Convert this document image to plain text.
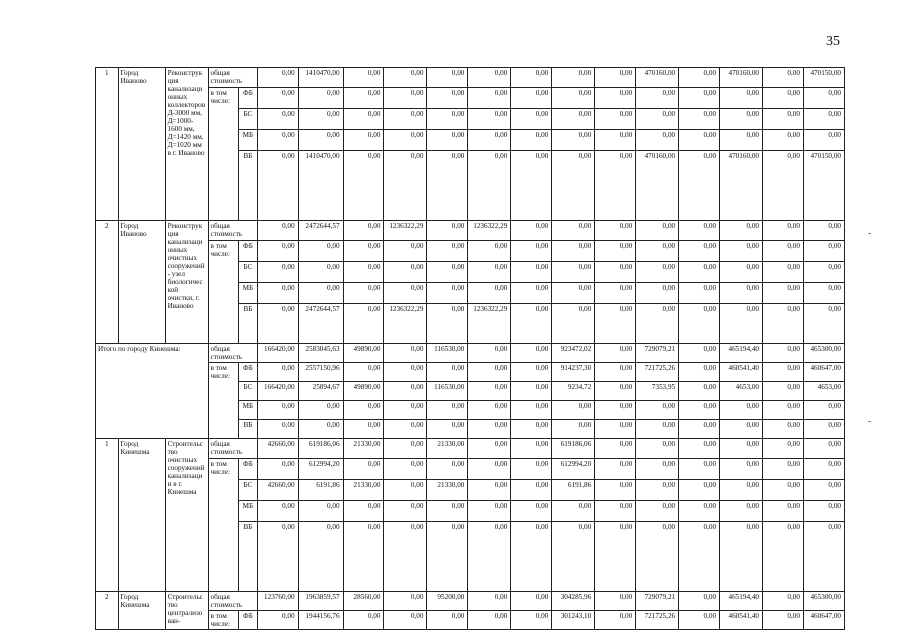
35
1	Город Иваново	Реконструкция канализационных коллекторов Д-3000 мм, Д=1000-1600 мм, Д=1420 мм, Д=1020 мм в г. Иваново	общая стоимость		0,00	1410470,00	0,00	0,00	0,00	0,00	0,00	0,00	0,00	470160,00	0,00	470160,00	0,00	470150,00
			в том числе:	ФБ	0,00	0,00	0,00	0,00	0,00	0,00	0,00	0,00	0,00	0,00	0,00	0,00	0,00	0,00
				БС	0,00	0,00	0,00	0,00	0,00	0,00	0,00	0,00	0,00	0,00	0,00	0,00	0,00	0,00
				МБ	0,00	0,00	0,00	0,00	0,00	0,00	0,00	0,00	0,00	0,00	0,00	0,00	0,00	0,00
				ВБ	0,00	1410470,00	0,00	0,00	0,00	0,00	0,00	0,00	0,00	470160,00	0,00	470160,00	0,00	470150,00
2	Город Иваново	Реконструкция канализационных очистных сооружений - узел биологической очистки, г. Иваново	общая стоимость		0,00	2472644,57	0,00	1236322,29	0,00	1236322,29	0,00	0,00	0,00	0,00	0,00	0,00	0,00	0,00
			в том числе:	ФБ	0,00	0,00	0,00	0,00	0,00	0,00	0,00	0,00	0,00	0,00	0,00	0,00	0,00	0,00
				БС	0,00	0,00	0,00	0,00	0,00	0,00	0,00	0,00	0,00	0,00	0,00	0,00	0,00	0,00
				МБ	0,00	0,00	0,00	0,00	0,00	0,00	0,00	0,00	0,00	0,00	0,00	0,00	0,00	0,00
				ВБ	0,00	2472644,57	0,00	1236322,29	0,00	1236322,29	0,00	0,00	0,00	0,00	0,00	0,00	0,00	0,00
Итого по городу Кинешма:			общая стоимость		166420,00	2583045,63	49890,00	0,00	116530,00	0,00	0,00	923472,02	0,00	729079,21	0,00	465194,40	0,00	465300,00
			в том числе:	ФБ	0,00	2557150,96	0,00	0,00	0,00	0,00	0,00	914237,30	0,00	721725,26	0,00	460541,40	0,00	460647,00
				БС	166420,00	25894,67	49890,00	0,00	116530,00	0,00	0,00	9234,72	0,00	7353,95	0,00	4653,00	0,00	4653,00
				МБ	0,00	0,00	0,00	0,00	0,00	0,00	0,00	0,00	0,00	0,00	0,00	0,00	0,00	0,00
				ВБ	0,00	0,00	0,00	0,00	0,00	0,00	0,00	0,00	0,00	0,00	0,00	0,00	0,00	0,00
1	Город Кинешма	Строительство очистных сооружений канализации в г. Кинешма	общая стоимость		42660,00	619186,06	21330,00	0,00	21330,00	0,00	0,00	619186,06	0,00	0,00	0,00	0,00	0,00	0,00
			в том числе:	ФБ	0,00	612994,20	0,00	0,00	0,00	0,00	0,00	612994,20	0,00	0,00	0,00	0,00	0,00	0,00
				БС	42660,00	6191,86	21330,00	0,00	21330,00	0,00	0,00	6191,86	0,00	0,00	0,00	0,00	0,00	0,00
				МБ	0,00	0,00	0,00	0,00	0,00	0,00	0,00	0,00	0,00	0,00	0,00	0,00	0,00	0,00
				ВБ	0,00	0,00	0,00	0,00	0,00	0,00	0,00	0,00	0,00	0,00	0,00	0,00	0,00	0,00
2	Город Кинешма	Строительство централизован-	общая стоимость		123760,00	1963859,57	28560,00	0,00	95200,00	0,00	0,00	304285,96	0,00	729079,21	0,00	465194,40	0,00	465300,00
			в том числе:	ФБ	0,00	1944156,76	0,00	0,00	0,00	0,00	0,00	301243,10	0,00	721725,26	0,00	460541,40	0,00	460647,00
